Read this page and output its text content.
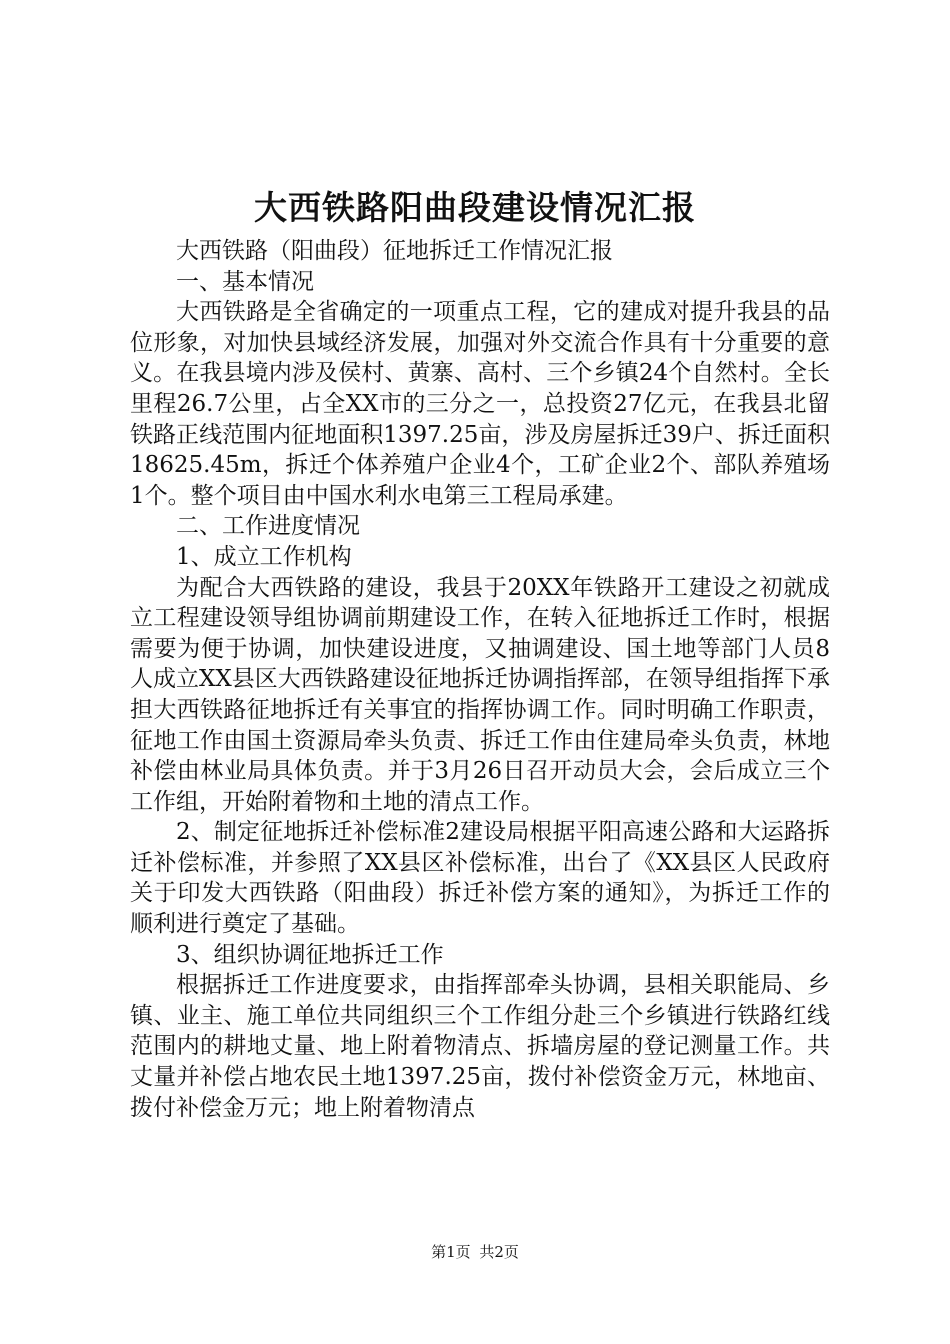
大西铁路阳曲段建设情况汇报

大西铁路（阳曲段）征地拆迁工作情况汇报

一、基本情况

大西铁路是全省确定的一项重点工程，它的建成对提升我县的品位形象，对加快县域经济发展，加强对外交流合作具有十分重要的意义。在我县境内涉及侯村、黄寨、高村、三个乡镇24个自然村。全长里程26.7公里，占全XX市的三分之一，总投资27亿元，在我县北留铁路正线范围内征地面积1397.25亩，涉及房屋拆迁39户、拆迁面积18625.45m，拆迁个体养殖户企业4个，工矿企业2个、部队养殖场1个。整个项目由中国水利水电第三工程局承建。

二、工作进度情况

1、成立工作机构

为配合大西铁路的建设，我县于20XX年铁路开工建设之初就成立工程建设领导组协调前期建设工作，在转入征地拆迁工作时，根据需要为便于协调，加快建设进度，又抽调建设、国土地等部门人员8人成立XX县区大西铁路建设征地拆迁协调指挥部，在领导组指挥下承担大西铁路征地拆迁有关事宜的指挥协调工作。同时明确工作职责，征地工作由国土资源局牵头负责、拆迁工作由住建局牵头负责，林地补偿由林业局具体负责。并于3月26日召开动员大会，会后成立三个工作组，开始附着物和土地的清点工作。

2、制定征地拆迁补偿标准2建设局根据平阳高速公路和大运路拆迁补偿标准，并参照了XX县区补偿标准，出台了《XX县区人民政府关于印发大西铁路（阳曲段）拆迁补偿方案的通知》，为拆迁工作的顺利进行奠定了基础。

3、组织协调征地拆迁工作

根据拆迁工作进度要求，由指挥部牵头协调，县相关职能局、乡镇、业主、施工单位共同组织三个工作组分赴三个乡镇进行铁路红线范围内的耕地丈量、地上附着物清点、拆墙房屋的登记测量工作。共丈量并补偿占地农民土地1397.25亩，拨付补偿资金万元，林地亩、拨付补偿金万元；地上附着物清点

第1页 共2页
